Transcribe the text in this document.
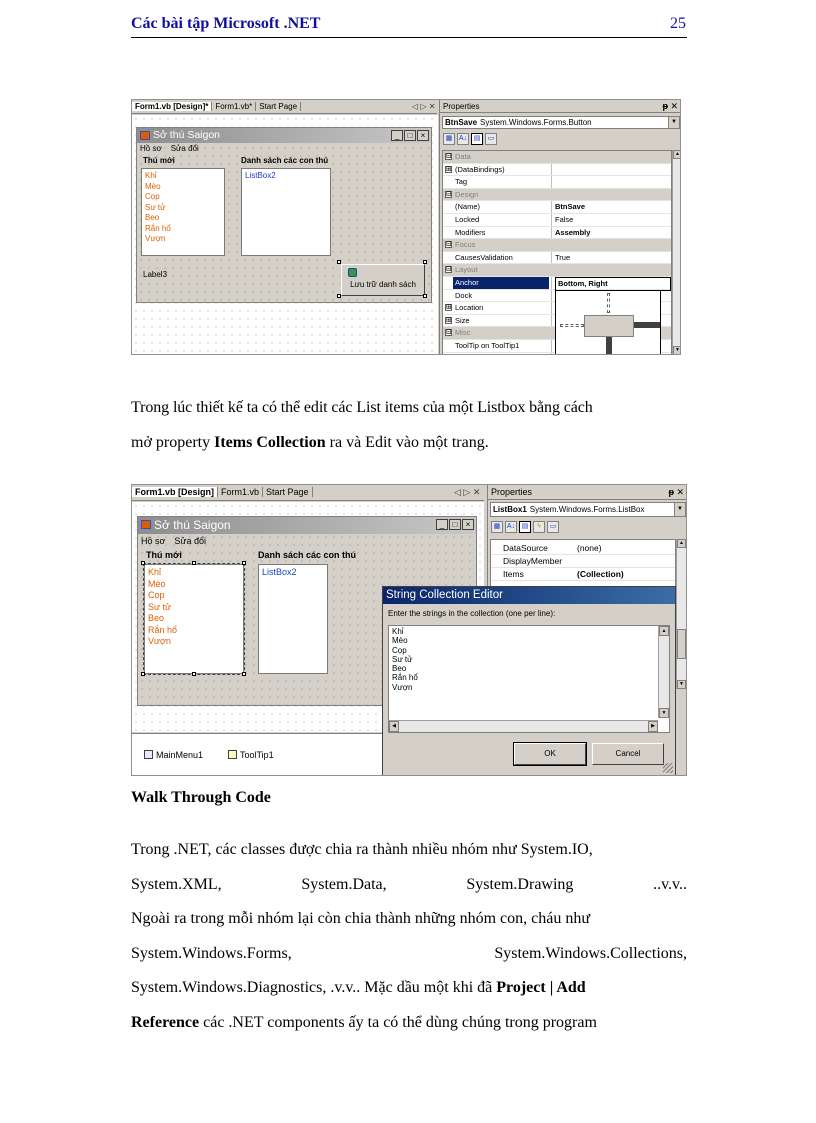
Các bài tập Microsoft .NET	25
Form1.vb [Design]* Form1.vb* Start Page	◁ ▷ ✕
Sở thú Saigon	_	□	×
Hồ sơ Sửa đổi
Thú mới	Danh sách các con thú
Khỉ
Mèo
Cọp
Sư tử
Beo
Rắn hổ
Vượn
ListBox2
Label3
Lưu trữ danh sách
Properties	ᵽ ✕
BtnSave System.Windows.Forms.Button	▼
▦ A↓ ▤	▭
⊟ Data
⊞ (DataBindings)
Tag
⊟ Design
(Name)	BtnSave
Locked	False
Modifiers	Assembly
⊟ Focus
CausesValidation	True
⊟ Layout
Anchor	Bottom, Right
Dock
⊞ Location
⊞ Size
⊟ Misc
ToolTip on ToolTip1
▲
▼
Trong lúc thiết kế ta có thể edit các List items của một Listbox bằng cách
mở property Items Collection ra và Edit vào một trang.
Form1.vb [Design] Form1.vb Start Page	◁ ▷ ✕
Sở thú Saigon	_	□	×
Hồ sơ Sửa đổi
Thú mới	Danh sách các con thú
Khỉ
Mèo
Cọp
Sư tử
Beo
Rắn hổ
Vượn
ListBox2
MainMenu1	ToolTip1
Properties	ᵽ ✕
ListBox1 System.Windows.Forms.ListBox	▼
▦ A↓ ▤	ϟ	▭
DataSource	(none)
DisplayMember
Items	(Collection)
▲
▼
String Collection Editor
Enter the strings in the collection (one per line):
Khỉ
Mèo
Cọp
Sư tử
Beo
Rắn hổ
Vượn
▲
▼
◀	▶
OK	Cancel
Walk Through Code
Trong .NET, các classes được chia ra thành nhiều nhóm như System.IO,
System.XML,	System.Data,	System.Drawing	..v.v..
Ngoài ra trong mỗi nhóm lại còn chia thành những nhóm con, cháu như
System.Windows.Forms,	System.Windows.Collections,
System.Windows.Diagnostics, .v.v.. Mặc dầu một khi đã Project | Add
Reference các .NET components ấy ta có thể dùng chúng trong program
